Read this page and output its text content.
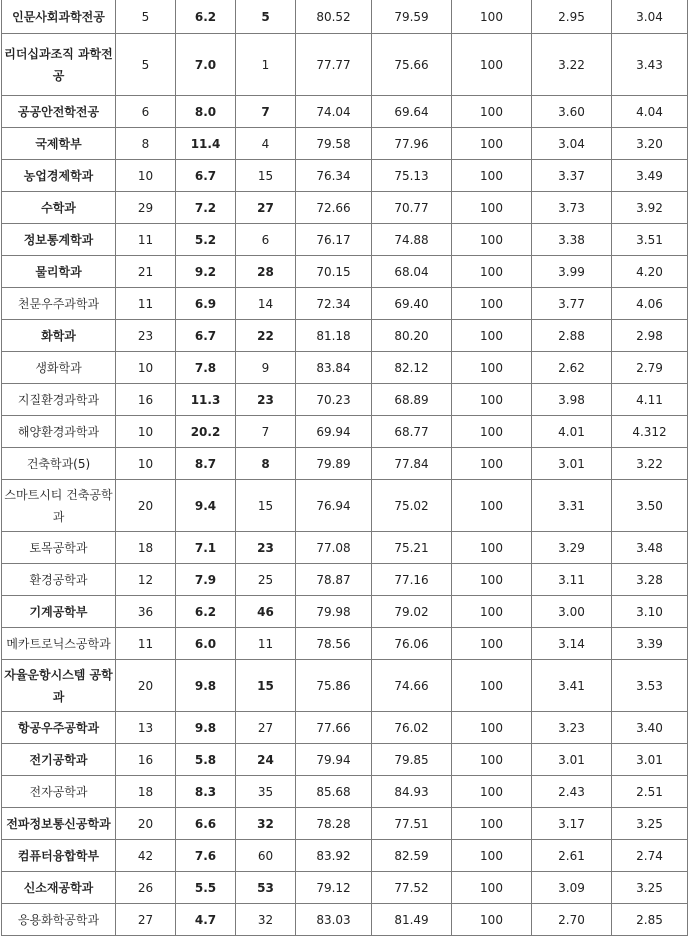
인문사회과학전공	5	6.2	5	80.52	79.59	100	2.95	3.04
리더십과조직 과학전공	5	7.0	1	77.77	75.66	100	3.22	3.43
공공안전학전공	6	8.0	7	74.04	69.64	100	3.60	4.04
국제학부	8	11.4	4	79.58	77.96	100	3.04	3.20
농업경제학과	10	6.7	15	76.34	75.13	100	3.37	3.49
수학과	29	7.2	27	72.66	70.77	100	3.73	3.92
정보통계학과	11	5.2	6	76.17	74.88	100	3.38	3.51
물리학과	21	9.2	28	70.15	68.04	100	3.99	4.20
천문우주과학과	11	6.9	14	72.34	69.40	100	3.77	4.06
화학과	23	6.7	22	81.18	80.20	100	2.88	2.98
생화학과	10	7.8	9	83.84	82.12	100	2.62	2.79
지질환경과학과	16	11.3	23	70.23	68.89	100	3.98	4.11
해양환경과학과	10	20.2	7	69.94	68.77	100	4.01	4.312
건축학과(5)	10	8.7	8	79.89	77.84	100	3.01	3.22
스마트시티 건축공학과	20	9.4	15	76.94	75.02	100	3.31	3.50
토목공학과	18	7.1	23	77.08	75.21	100	3.29	3.48
환경공학과	12	7.9	25	78.87	77.16	100	3.11	3.28
기계공학부	36	6.2	46	79.98	79.02	100	3.00	3.10
메카트로닉스공학과	11	6.0	11	78.56	76.06	100	3.14	3.39
자율운항시스템 공학과	20	9.8	15	75.86	74.66	100	3.41	3.53
항공우주공학과	13	9.8	27	77.66	76.02	100	3.23	3.40
전기공학과	16	5.8	24	79.94	79.85	100	3.01	3.01
전자공학과	18	8.3	35	85.68	84.93	100	2.43	2.51
전파정보통신공학과	20	6.6	32	78.28	77.51	100	3.17	3.25
컴퓨터융합학부	42	7.6	60	83.92	82.59	100	2.61	2.74
신소재공학과	26	5.5	53	79.12	77.52	100	3.09	3.25
응용화학공학과	27	4.7	32	83.03	81.49	100	2.70	2.85
